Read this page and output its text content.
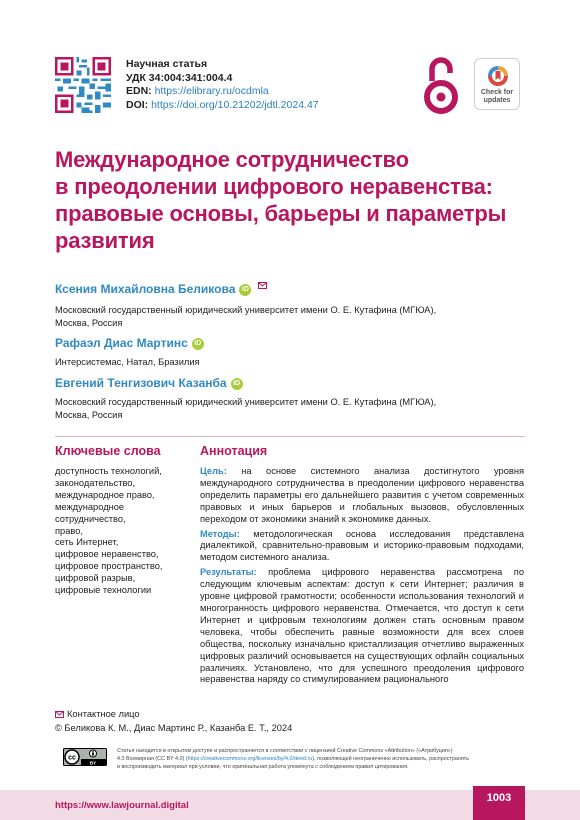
Научная статья
УДК 34:004:341:004.4
EDN: https://elibrary.ru/ocdmla
DOI: https://doi.org/10.21202/jdtl.2024.47
Check for
updates
Международное сотрудничество
в преодолении цифрового неравенства:
правовые основы, барьеры и параметры
развития
Ксения Михайловна Беликова iD
Московский государственный юридический университет имени О. Е. Кутафина (МГЮА),
Москва, Россия
Рафаэл Диас Мартинс iD
Интерсистемас, Натал, Бразилия
Евгений Тенгизович Казанба iD
Московский государственный юридический университет имени О. Е. Кутафина (МГЮА),
Москва, Россия
Ключевые слова
доступность технологий,
законодательство,
международное право,
международное
сотрудничество,
право,
сеть Интернет,
цифровое неравенство,
цифровое пространство,
цифровой разрыв,
цифровые технологии
Аннотация

Цель: на основе системного анализа достигнутого уровня международного сотрудничества в преодолении цифрового неравенства определить параметры его дальнейшего развития с учетом современных правовых и иных барьеров и глобальных вызовов, обусловленных переходом от экономики знаний к экономике данных.

Методы: методологическая основа исследования представлена диалектикой, сравнительно-правовым и историко-правовым подходами, методом системного анализа.

Результаты: проблема цифрового неравенства рассмотрена по следующим ключевым аспектам: доступ к сети Интернет; различия в уровне цифровой грамотности; особенности использования технологий и многогранность цифрового неравенства. Отмечается, что доступ к сети Интернет и цифровым технологиям должен стать основным правом человека, чтобы обеспечить равные возможности для всех слоев общества, поскольку изначально кристаллизация отчетливо выраженных цифровых различий основывается на существующих офлайн социальных различиях. Установлено, что для успешного преодоления цифрового неравенства наряду со стимулированием рационального

Контактное лицо
© Беликова К. М., Диас Мартинс Р., Казанба Е. Т., 2024
cc
BY
Статья находится в открытом доступе и распространяется в соответствии с лицензией Creative Commons «Attribution» («Атрибуция»)
4.0 Всемирная (CC BY 4.0) (https://creativecommons.org/licenses/by/4.0/deed.ru), позволяющей неограниченно использовать, распространять
и воспроизводить материал при условии, что оригинальная работа упомянута с соблюдением правил цитирования.
https://www.lawjournal.digital
1003
